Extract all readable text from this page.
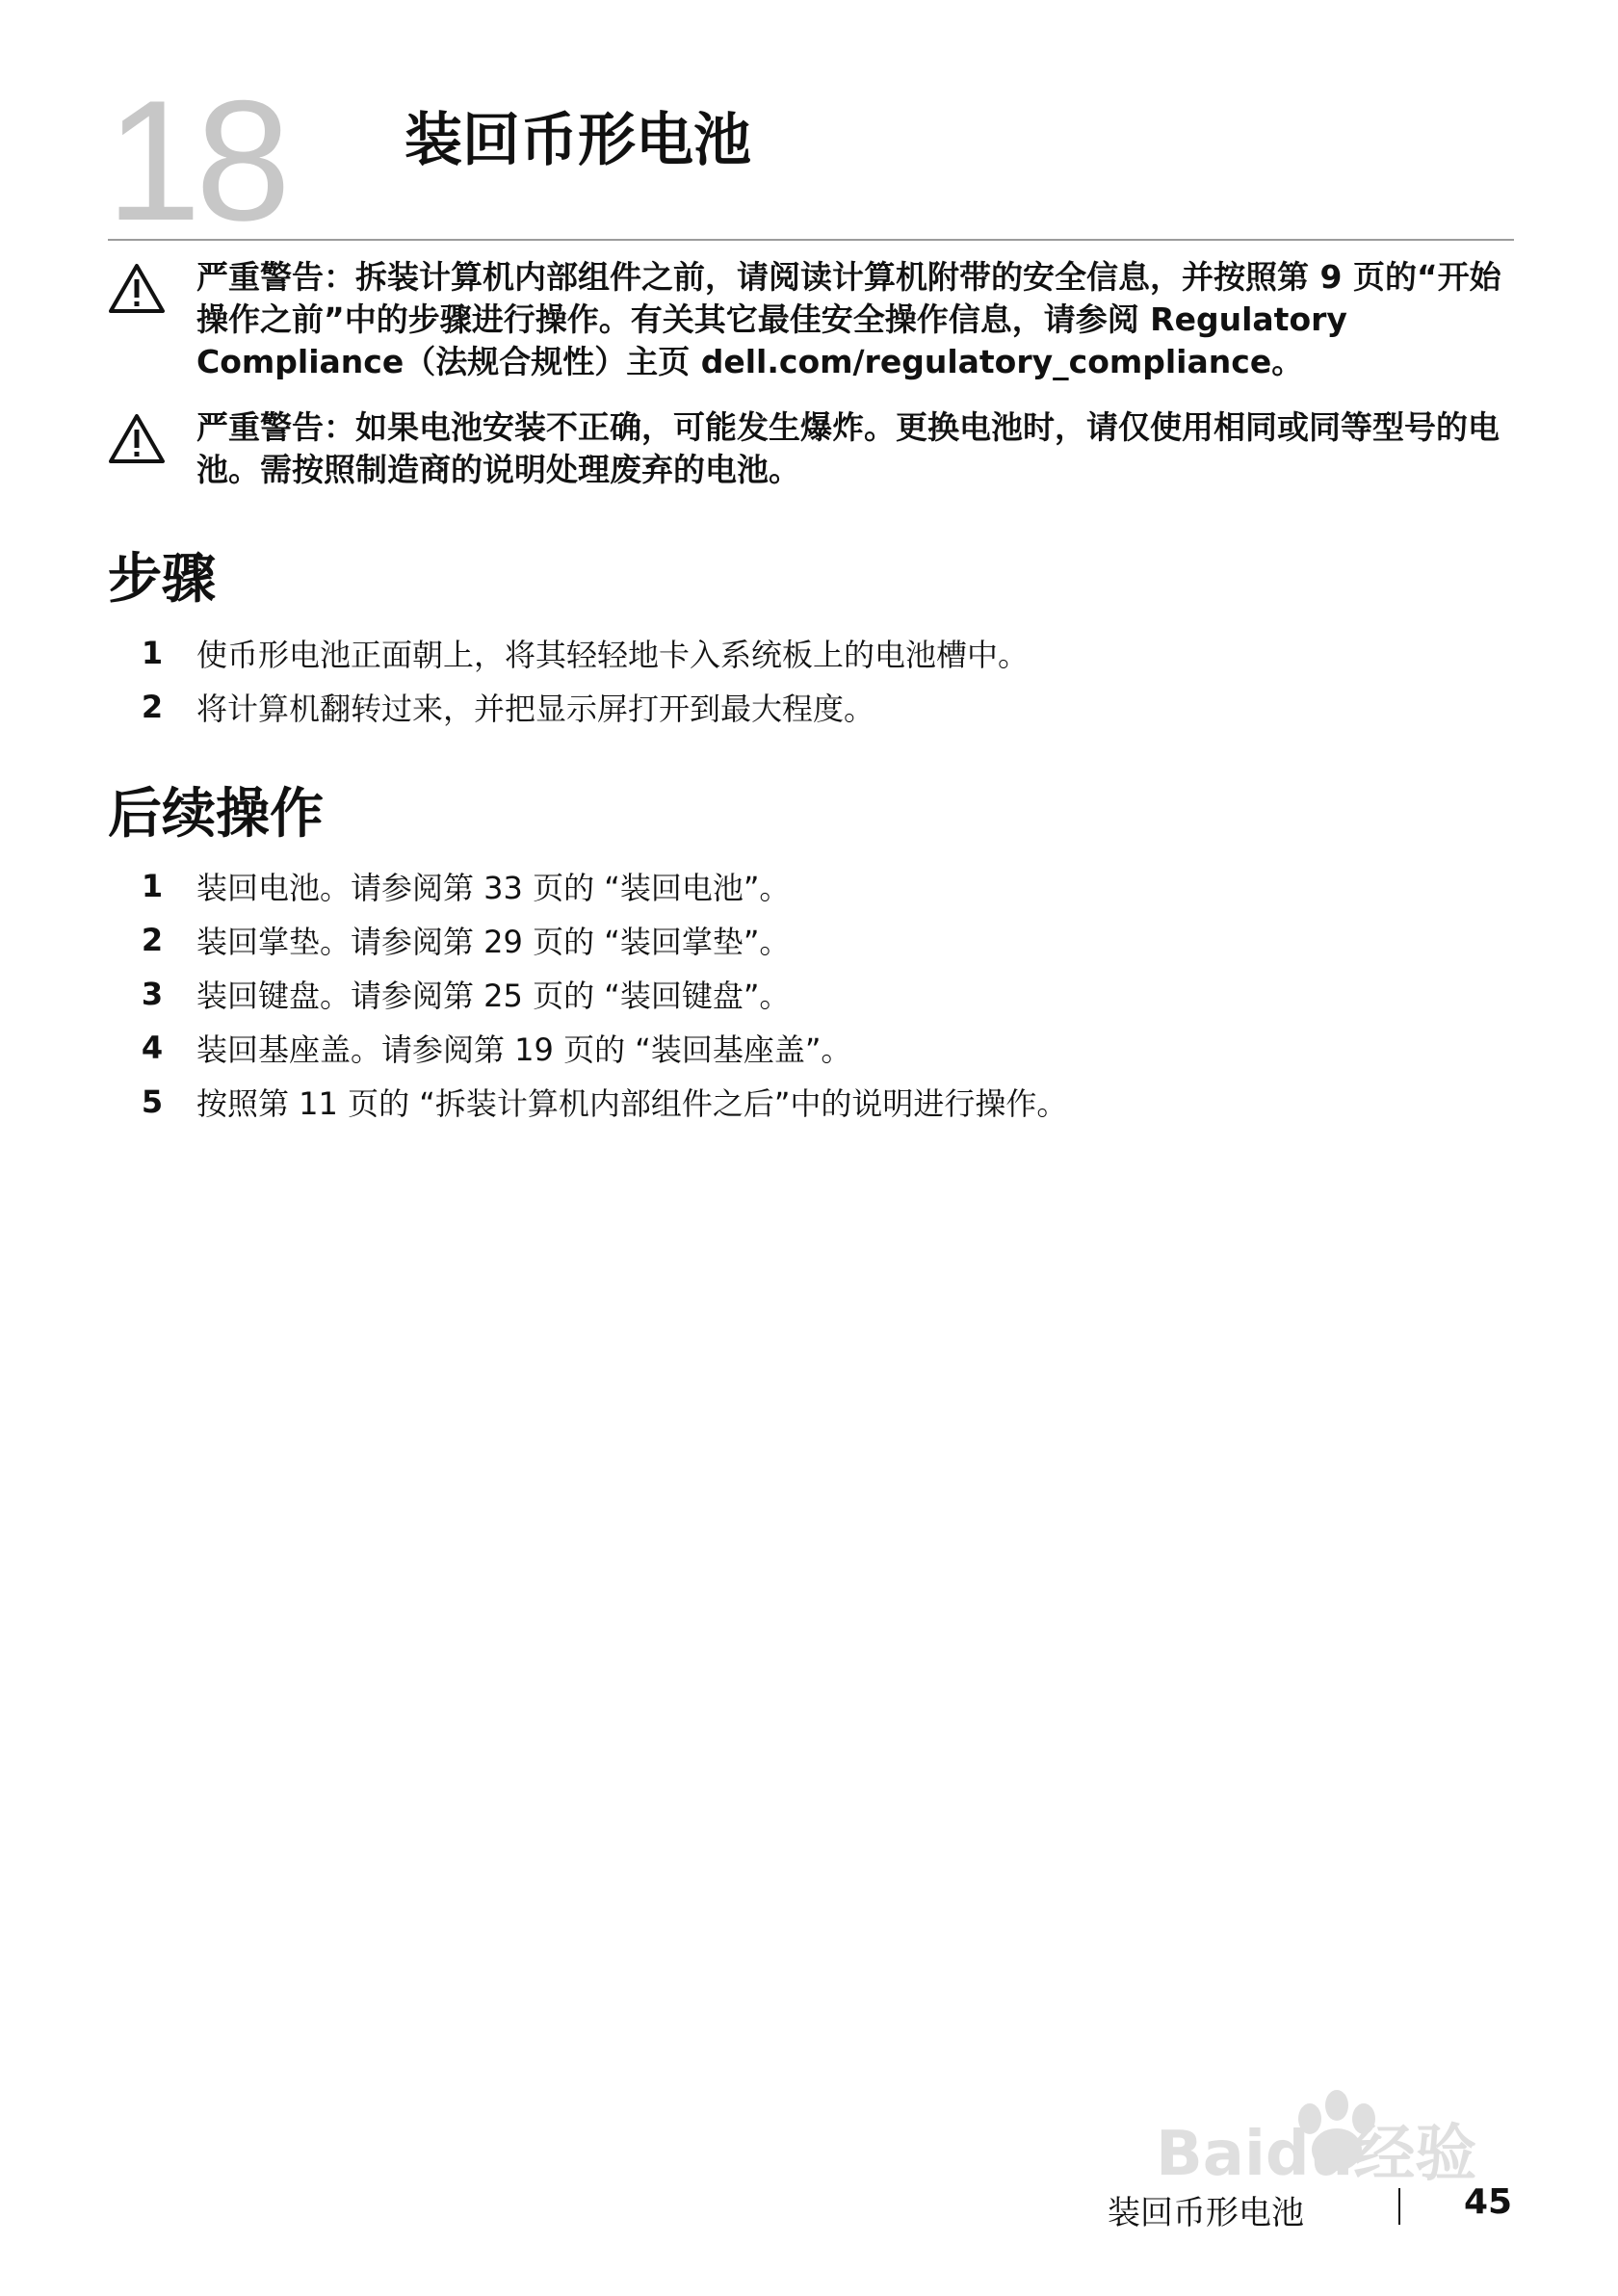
18 装回币形电池
严重警告：拆装计算机内部组件之前，请阅读计算机附带的安全信息，并按照第 9 页的“开始操作之前”中的步骤进行操作。有关其它最佳安全操作信息，请参阅 Regulatory Compliance（法规合规性）主页 dell.com/regulatory_compliance。
严重警告：如果电池安装不正确，可能发生爆炸。更换电池时，请仅使用相同或同等型号的电池。需按照制造商的说明处理废弃的电池。
步骤
1	使币形电池正面朝上，将其轻轻地卡入系统板上的电池槽中。
2	将计算机翻转过来，并把显示屏打开到最大程度。
后续操作
1	装回电池。请参阅第 33 页的 “装回电池”。
2	装回掌垫。请参阅第 29 页的 “装回掌垫”。
3	装回键盘。请参阅第 25 页的 “装回键盘”。
4	装回基座盖。请参阅第 19 页的 “装回基座盖”。
5	按照第 11 页的 “拆装计算机内部组件之后”中的说明进行操作。
Baidu经验
装回币形电池	45
